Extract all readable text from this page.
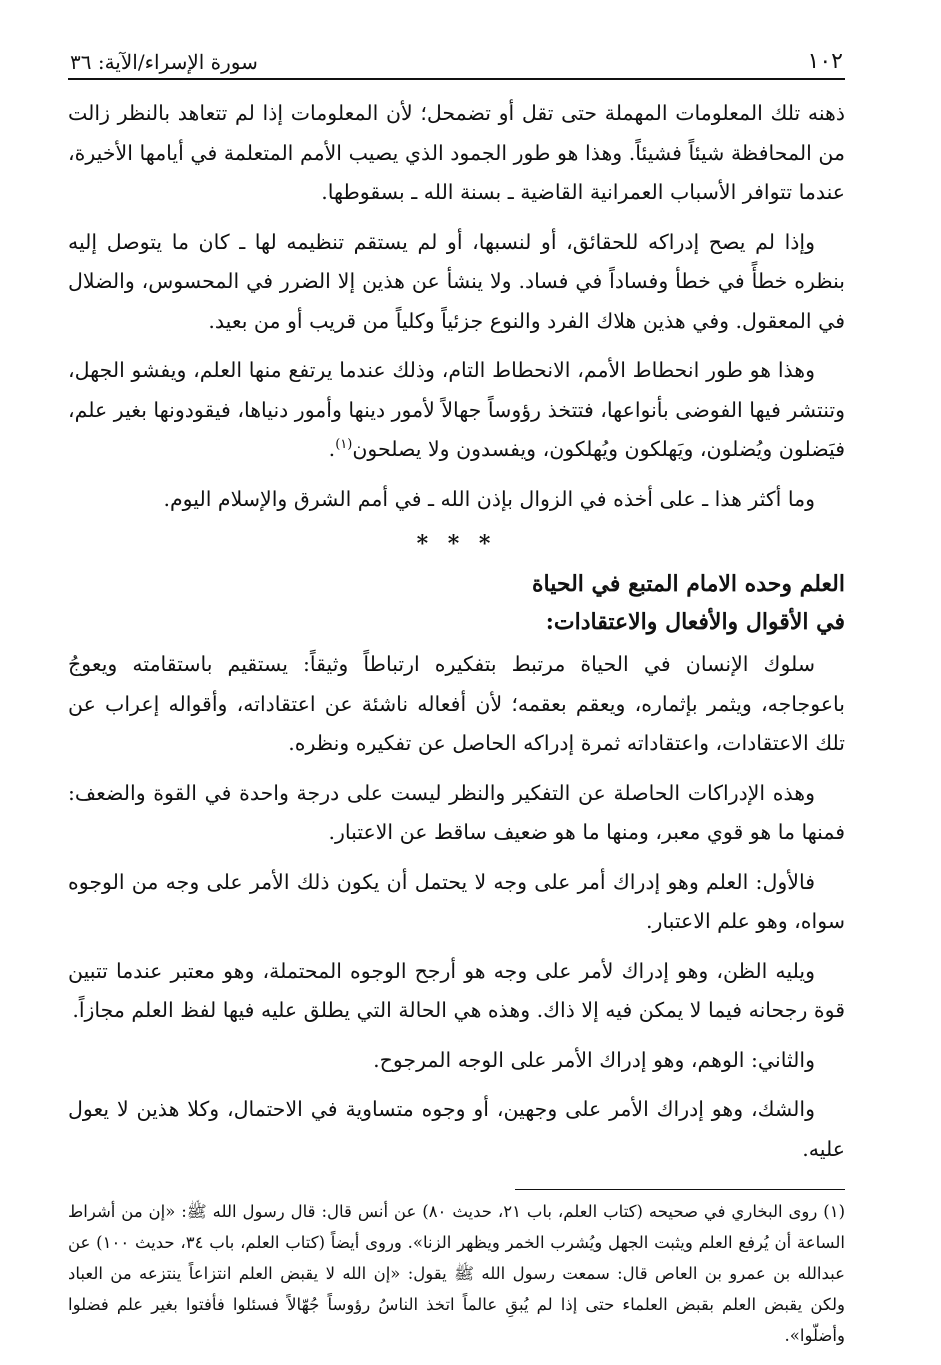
١٠٢
سورة الإسراء/الآية: ٣٦

ذهنه تلك المعلومات المهملة حتى تقل أو تضمحل؛ لأن المعلومات إذا لم تتعاهد بالنظر زالت من المحافظة شيئاً فشيئاً. وهذا هو طور الجمود الذي يصيب الأمم المتعلمة في أيامها الأخيرة، عندما تتوافر الأسباب العمرانية القاضية ـ بسنة الله ـ بسقوطها.

وإذا لم يصح إدراكه للحقائق، أو لنسبها، أو لم يستقم تنظيمه لها ـ كان ما يتوصل إليه بنظره خطأً في خطأ وفساداً في فساد. ولا ينشأ عن هذين إلا الضرر في المحسوس، والضلال في المعقول. وفي هذين هلاك الفرد والنوع جزئياً وكلياً من قريب أو من بعيد.

وهذا هو طور انحطاط الأمم، الانحطاط التام، وذلك عندما يرتفع منها العلم، ويفشو الجهل، وتنتشر فيها الفوضى بأنواعها، فتتخذ رؤوساً جهالاً لأمور دينها وأمور دنياها، فيقودونها بغير علم، فيَضلون ويُضلون، ويَهلكون ويُهلكون، ويفسدون ولا يصلحون$^{(١)}$.

وما أكثر هذا ـ على أخذه في الزوال بإذن الله ـ في أمم الشرق والإسلام اليوم.

* * *
العلم وحده الامام المتبع في الحياة
في الأقوال والأفعال والاعتقادات:

سلوك الإنسان في الحياة مرتبط بتفكيره ارتباطاً وثيقاً: يستقيم باستقامته ويعوجُ باعوجاجه، ويثمر بإثماره، ويعقم بعقمه؛ لأن أفعاله ناشئة عن اعتقاداته، وأقواله إعراب عن تلك الاعتقادات، واعتقاداته ثمرة إدراكه الحاصل عن تفكيره ونظره.

وهذه الإدراكات الحاصلة عن التفكير والنظر ليست على درجة واحدة في القوة والضعف: فمنها ما هو قوي معبر، ومنها ما هو ضعيف ساقط عن الاعتبار.

فالأول: العلم وهو إدراك أمر على وجه لا يحتمل أن يكون ذلك الأمر على وجه من الوجوه سواه، وهو علم الاعتبار.

ويليه الظن، وهو إدراك لأمر على وجه هو أرجح الوجوه المحتملة، وهو معتبر عندما تتبين قوة رجحانه فيما لا يمكن فيه إلا ذاك. وهذه هي الحالة التي يطلق عليه فيها لفظ العلم مجازاً.

والثاني: الوهم، وهو إدراك الأمر على الوجه المرجوح.

والشك، وهو إدراك الأمر على وجهين، أو وجوه متساوية في الاحتمال، وكلا هذين لا يعول عليه.

(١) روى البخاري في صحيحه (كتاب العلم، باب ٢١، حديث ٨٠) عن أنس قال: قال رسول الله ﷺ: «إن من أشراط الساعة أن يُرفع العلم ويثبت الجهل ويُشرب الخمر ويظهر الزنا». وروى أيضاً (كتاب العلم، باب ٣٤، حديث ١٠٠) عن عبدالله بن عمرو بن العاص قال: سمعت رسول الله ﷺ يقول: «إن الله لا يقبض العلم انتزاعاً ينتزعه من العباد ولكن يقبض العلم بقبض العلماء حتى إذا لم يُبقِ عالماً اتخذ الناسُ رؤوساً جُهّالاً فسئلوا فأفتوا بغير علم فضلوا وأضلّوا».
